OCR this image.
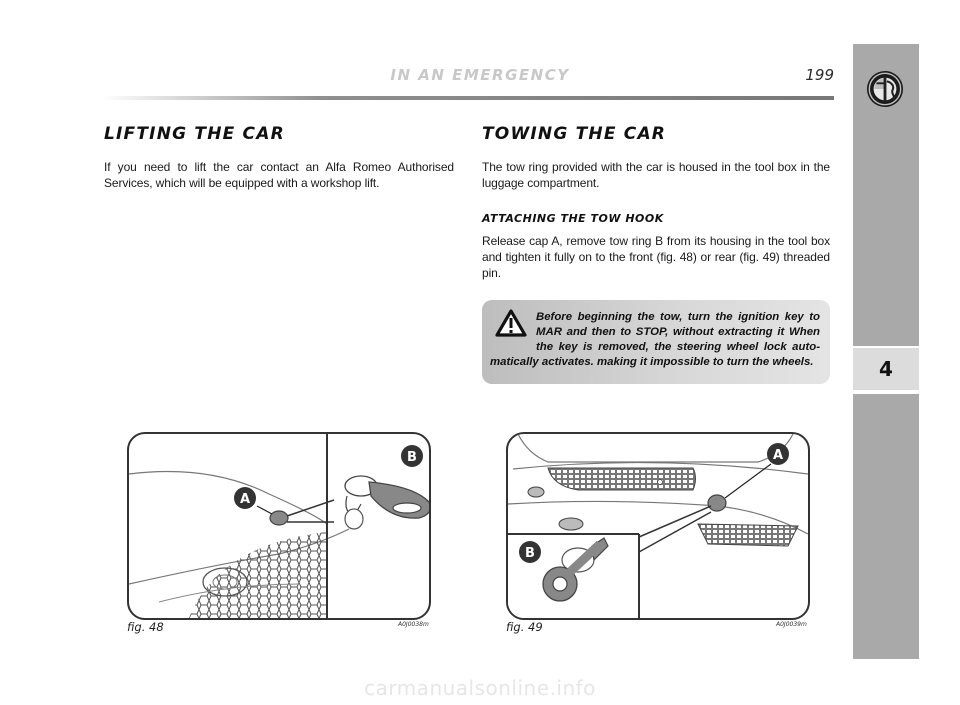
IN AN EMERGENCY	199
4
LIFTING THE CAR

If you need to lift the car contact an Alfa Romeo Authorised Services, which will be equipped with a workshop lift.

TOWING THE CAR

The tow ring provided with the car is housed in the tool box in the luggage compartment.

ATTACHING THE TOW HOOK

Release cap A, remove tow ring B from its housing in the tool box and tighten it fully on to the front (fig. 48) or rear (fig. 49) threaded pin.

Before beginning the tow, turn the ignition key to MAR and then to STOP, without extracting it When the key is removed, the steering wheel lock auto-matically activates. making it impossible to turn the wheels.

A
B
fig. 48	A0J0038m
A
B
fig. 49	A0J0039m
carmanualsonline.info
